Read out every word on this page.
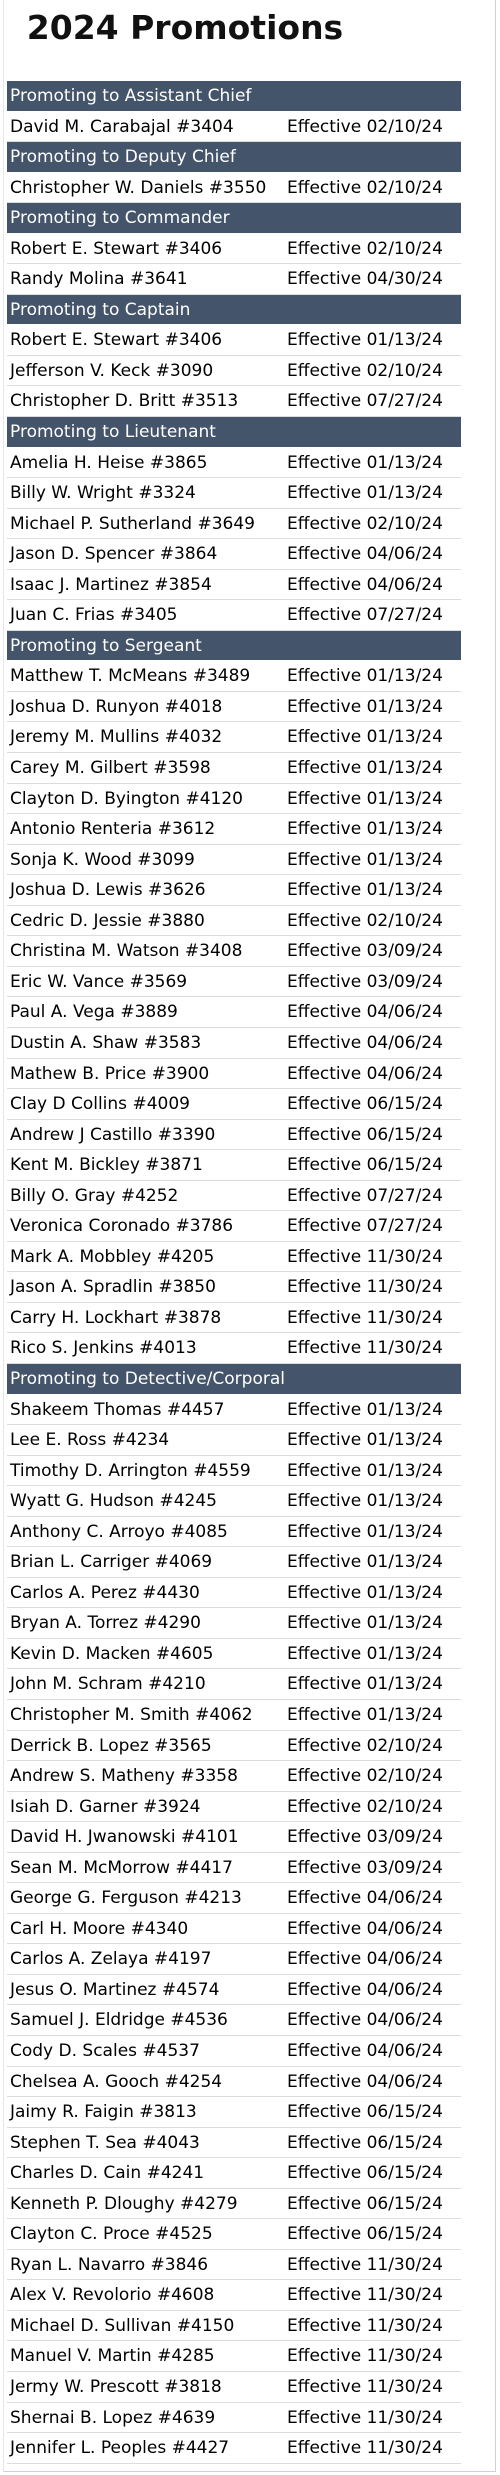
2024 Promotions
Promoting to Assistant Chief
David M. Carabajal #3404	Effective 02/10/24
Promoting to Deputy Chief
Christopher W. Daniels #3550 Effective 02/10/24
Promoting to Commander
Robert E. Stewart #3406	Effective 02/10/24
Randy Molina #3641	Effective 04/30/24
Promoting to Captain
Robert E. Stewart #3406	Effective 01/13/24
Jefferson V. Keck #3090	Effective 02/10/24
Christopher D. Britt #3513	Effective 07/27/24
Promoting to Lieutenant
Amelia H. Heise #3865	Effective 01/13/24
Billy W. Wright #3324	Effective 01/13/24
Michael P. Sutherland #3649 Effective 02/10/24
Jason D. Spencer #3864	Effective 04/06/24
Isaac J. Martinez #3854	Effective 04/06/24
Juan C. Frias #3405	Effective 07/27/24
Promoting to Sergeant
Matthew T. McMeans #3489 Effective 01/13/24
Joshua D. Runyon #4018	Effective 01/13/24
Jeremy M. Mullins #4032	Effective 01/13/24
Carey M. Gilbert #3598	Effective 01/13/24
Clayton D. Byington #4120	Effective 01/13/24
Antonio Renteria #3612	Effective 01/13/24
Sonja K. Wood #3099	Effective 01/13/24
Joshua D. Lewis #3626	Effective 01/13/24
Cedric D. Jessie #3880	Effective 02/10/24
Christina M. Watson #3408	Effective 03/09/24
Eric W. Vance #3569	Effective 03/09/24
Paul A. Vega #3889	Effective 04/06/24
Dustin A. Shaw #3583	Effective 04/06/24
Mathew B. Price #3900	Effective 04/06/24
Clay D Collins #4009	Effective 06/15/24
Andrew J Castillo #3390	Effective 06/15/24
Kent M. Bickley #3871	Effective 06/15/24
Billy O. Gray #4252	Effective 07/27/24
Veronica Coronado #3786	Effective 07/27/24
Mark A. Mobbley #4205	Effective 11/30/24
Jason A. Spradlin #3850	Effective 11/30/24
Carry H. Lockhart #3878	Effective 11/30/24
Rico S. Jenkins #4013	Effective 11/30/24
Promoting to Detective/Corporal
Shakeem Thomas #4457	Effective 01/13/24
Lee E. Ross #4234	Effective 01/13/24
Timothy D. Arrington #4559 Effective 01/13/24
Wyatt G. Hudson #4245	Effective 01/13/24
Anthony C. Arroyo #4085	Effective 01/13/24
Brian L. Carriger #4069	Effective 01/13/24
Carlos A. Perez #4430	Effective 01/13/24
Bryan A. Torrez #4290	Effective 01/13/24
Kevin D. Macken #4605	Effective 01/13/24
John M. Schram #4210	Effective 01/13/24
Christopher M. Smith #4062 Effective 01/13/24
Derrick B. Lopez #3565	Effective 02/10/24
Andrew S. Matheny #3358	Effective 02/10/24
Isiah D. Garner #3924	Effective 02/10/24
David H. Jwanowski #4101	Effective 03/09/24
Sean M. McMorrow #4417	Effective 03/09/24
George G. Ferguson #4213	Effective 04/06/24
Carl H. Moore #4340	Effective 04/06/24
Carlos A. Zelaya #4197	Effective 04/06/24
Jesus O. Martinez #4574	Effective 04/06/24
Samuel J. Eldridge #4536	Effective 04/06/24
Cody D. Scales #4537	Effective 04/06/24
Chelsea A. Gooch #4254	Effective 04/06/24
Jaimy R. Faigin #3813	Effective 06/15/24
Stephen T. Sea #4043	Effective 06/15/24
Charles D. Cain #4241	Effective 06/15/24
Kenneth P. Dloughy #4279	Effective 06/15/24
Clayton C. Proce #4525	Effective 06/15/24
Ryan L. Navarro #3846	Effective 11/30/24
Alex V. Revolorio #4608	Effective 11/30/24
Michael D. Sullivan #4150	Effective 11/30/24
Manuel V. Martin #4285	Effective 11/30/24
Jermy W. Prescott #3818	Effective 11/30/24
Shernai B. Lopez #4639	Effective 11/30/24
Jennifer L. Peoples #4427	Effective 11/30/24
